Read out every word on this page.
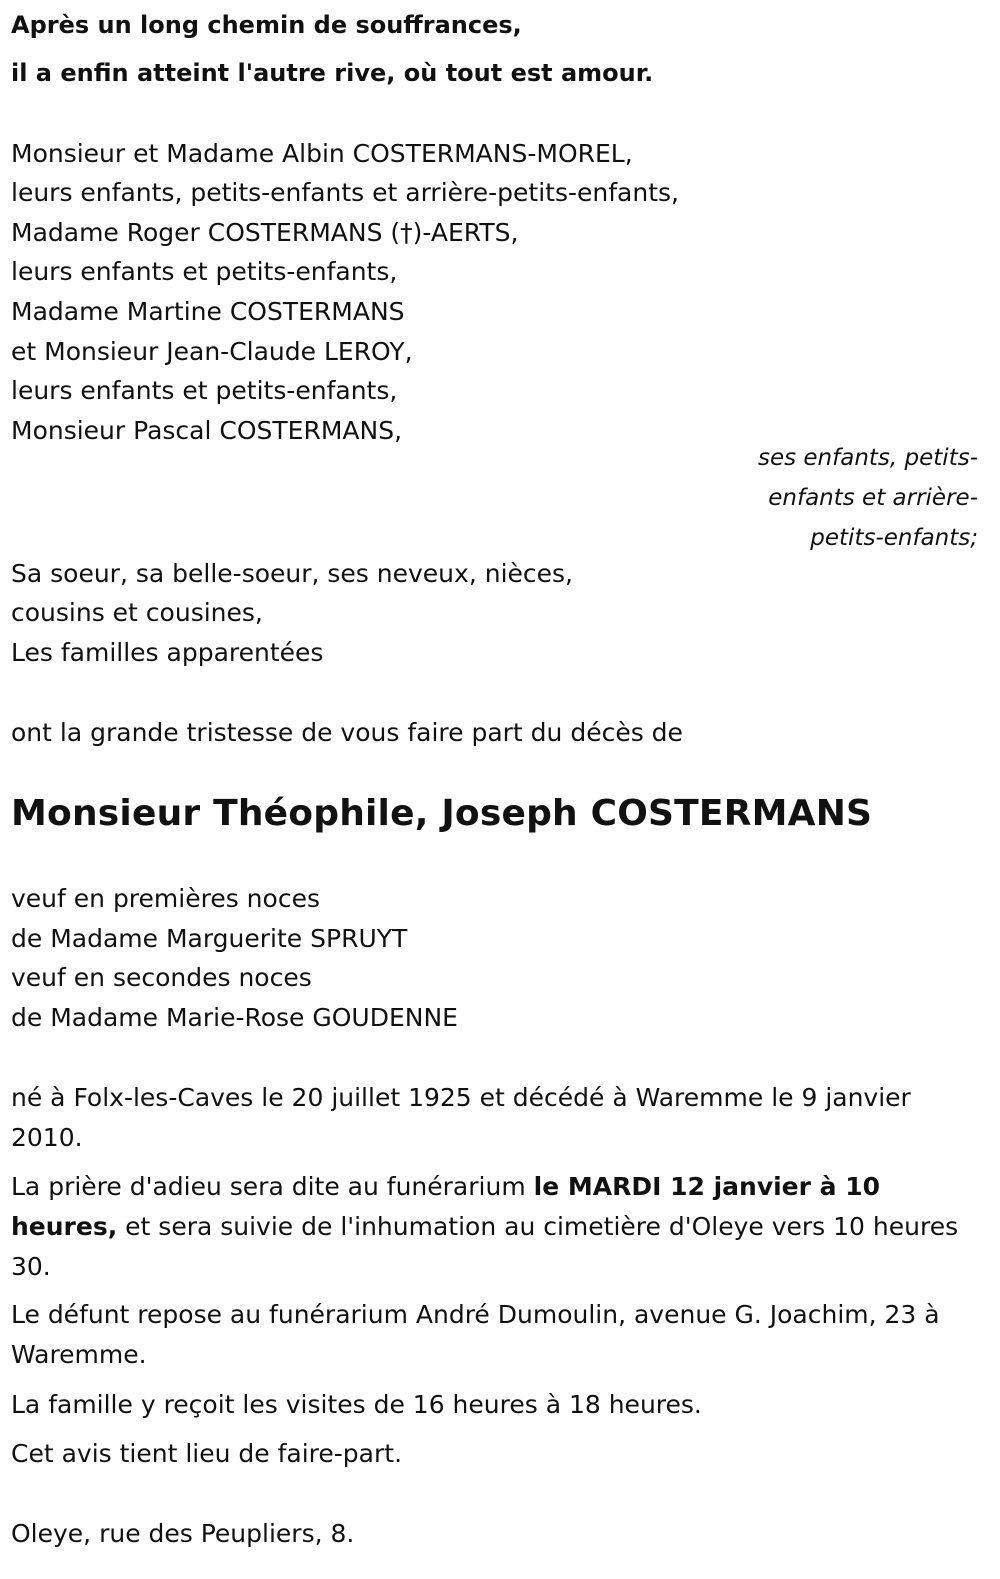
Après un long chemin de souffrances,
il a enfin atteint l'autre rive, où tout est amour.
Monsieur et Madame Albin COSTERMANS-MOREL,
leurs enfants, petits-enfants et arrière-petits-enfants,
Madame Roger COSTERMANS (†)-AERTS,
leurs enfants et petits-enfants,
Madame Martine COSTERMANS
et Monsieur Jean-Claude LEROY,
leurs enfants et petits-enfants,
Monsieur Pascal COSTERMANS,
ses enfants, petits-enfants et arrière-petits-enfants;
Sa soeur, sa belle-soeur, ses neveux, nièces,
cousins et cousines,
Les familles apparentées
ont la grande tristesse de vous faire part du décès de
Monsieur Théophile, Joseph COSTERMANS
veuf en premières noces
de Madame Marguerite SPRUYT
veuf en secondes noces
de Madame Marie-Rose GOUDENNE
né à Folx-les-Caves le 20 juillet 1925 et décédé à Waremme le 9 janvier 2010.
La prière d'adieu sera dite au funérarium le MARDI 12 janvier à 10 heures, et sera suivie de l'inhumation au cimetière d'Oleye vers 10 heures 30.
Le défunt repose au funérarium André Dumoulin, avenue G. Joachim, 23 à Waremme.
La famille y reçoit les visites de 16 heures à 18 heures.
Cet avis tient lieu de faire-part.
Oleye, rue des Peupliers, 8.
